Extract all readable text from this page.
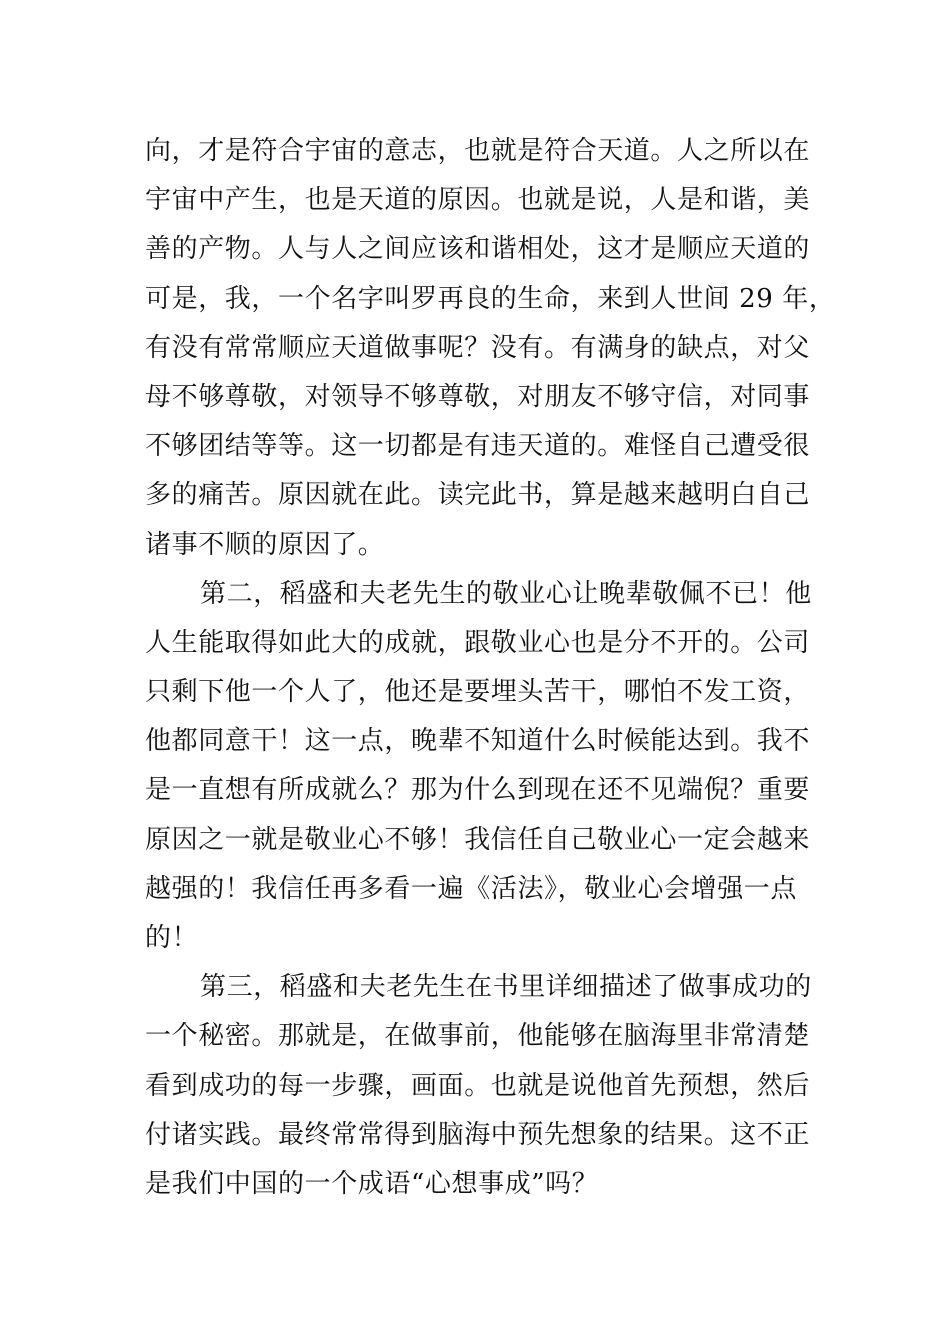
向，才是符合宇宙的意志，也就是符合天道。人之所以在
宇宙中产生，也是天道的原因。也就是说，人是和谐，美
善的产物。人与人之间应该和谐相处，这才是顺应天道的
可是，我，一个名字叫罗再良的生命，来到人世间 29 年，
有没有常常顺应天道做事呢？没有。有满身的缺点，对父
母不够尊敬，对领导不够尊敬，对朋友不够守信，对同事
不够团结等等。这一切都是有违天道的。难怪自己遭受很
多的痛苦。原因就在此。读完此书，算是越来越明白自己
诸事不顺的原因了。
第二，稻盛和夫老先生的敬业心让晚辈敬佩不已！他
人生能取得如此大的成就，跟敬业心也是分不开的。公司
只剩下他一个人了，他还是要埋头苦干，哪怕不发工资，
他都同意干！这一点，晚辈不知道什么时候能达到。我不
是一直想有所成就么？那为什么到现在还不见端倪？重要
原因之一就是敬业心不够！我信任自己敬业心一定会越来
越强的！我信任再多看一遍《活法》，敬业心会增强一点
的！
第三，稻盛和夫老先生在书里详细描述了做事成功的
一个秘密。那就是，在做事前，他能够在脑海里非常清楚
看到成功的每一步骤，画面。也就是说他首先预想，然后
付诸实践。最终常常得到脑海中预先想象的结果。这不正
是我们中国的一个成语“心想事成”吗？
